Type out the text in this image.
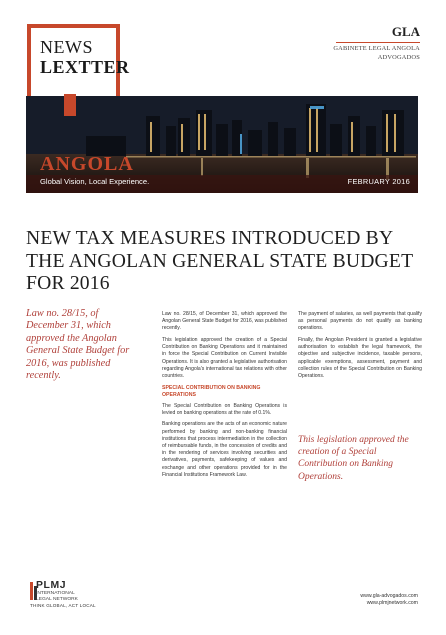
NEWS
LEXTTER
GLA
GABINETE LEGAL ANGOLA
ADVOGADOS
ANGOLA
Global Vision, Local Experience.	FEBRUARY 2016
NEW TAX MEASURES INTRODUCED BY THE ANGOLAN GENERAL STATE BUDGET FOR 2016
Law no. 28/15, of December 31, which approved the Angolan General State Budget for 2016, was published recently.

Law no. 28/15, of December 31, which approved the Angolan General State Budget for 2016, was published recently.

This legislation approved the creation of a Special Contribution on Banking Operations and it maintained in force the Special Contribution on Current Invisible Operations. It is also granted a legislative authorisation regarding Angola's international tax relations with other countries.

SPECIAL CONTRIBUTION ON BANKING OPERATIONS

The Special Contribution on Banking Operations is levied on banking operations at the rate of 0.1%.

Banking operations are the acts of an economic nature performed by banking and non-banking financial institutions that process intermediation in the collection of reimbursable funds, in the concession of credits and in the rendering of services involving securities and derivatives, payments, safekeeping of values and exchange and other operations provided for in the Financial Institutions Framework Law.

The payment of salaries, as well payments that qualify as personal payments do not qualify as banking operations.

Finally, the Angolan President is granted a legislative authorisation to establish the legal framework, the objective and subjective incidence, taxable persons, applicable exemptions, assessment, payment and collection rules of the Special Contribution on Banking Operations.

This legislation approved the creation of a Special Contribution on Banking Operations.
PLMJ
INTERNATIONAL
LEGAL NETWORK
THINK GLOBAL, ACT LOCAL
www.gla-advogados.com
www.plmjnetwork.com
